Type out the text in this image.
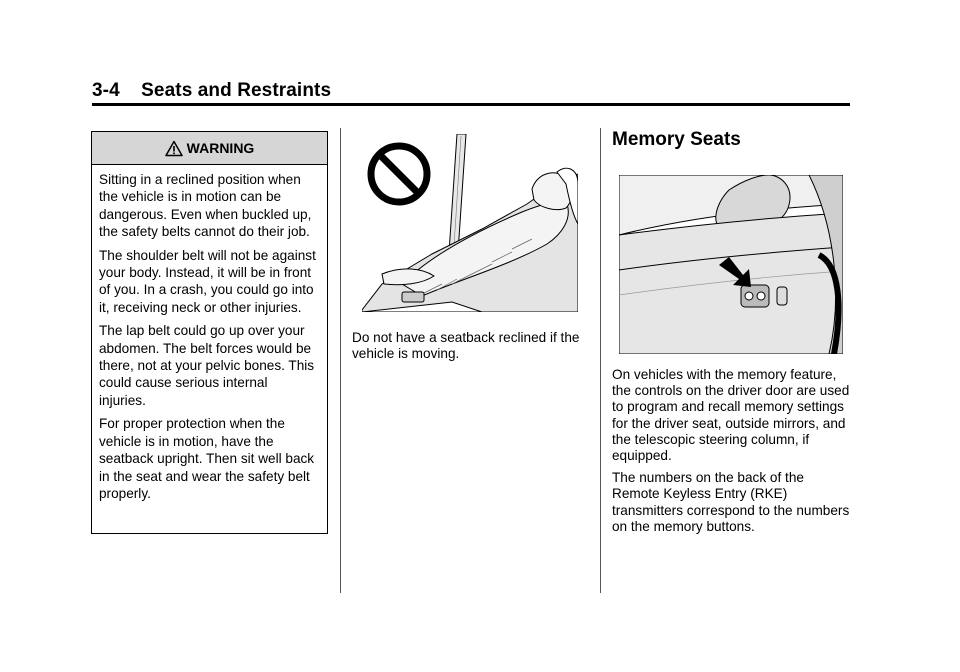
3-4 Seats and Restraints
WARNING

Sitting in a reclined position when the vehicle is in motion can be dangerous. Even when buckled up, the safety belts cannot do their job.

The shoulder belt will not be against your body. Instead, it will be in front of you. In a crash, you could go into it, receiving neck or other injuries.

The lap belt could go up over your abdomen. The belt forces would be there, not at your pelvic bones. This could cause serious internal injuries.

For proper protection when the vehicle is in motion, have the seatback upright. Then sit well back in the seat and wear the safety belt properly.

Do not have a seatback reclined if the vehicle is moving.
Memory Seats

On vehicles with the memory feature, the controls on the driver door are used to program and recall memory settings for the driver seat, outside mirrors, and the telescopic steering column, if equipped.

The numbers on the back of the Remote Keyless Entry (RKE) transmitters correspond to the numbers on the memory buttons.
